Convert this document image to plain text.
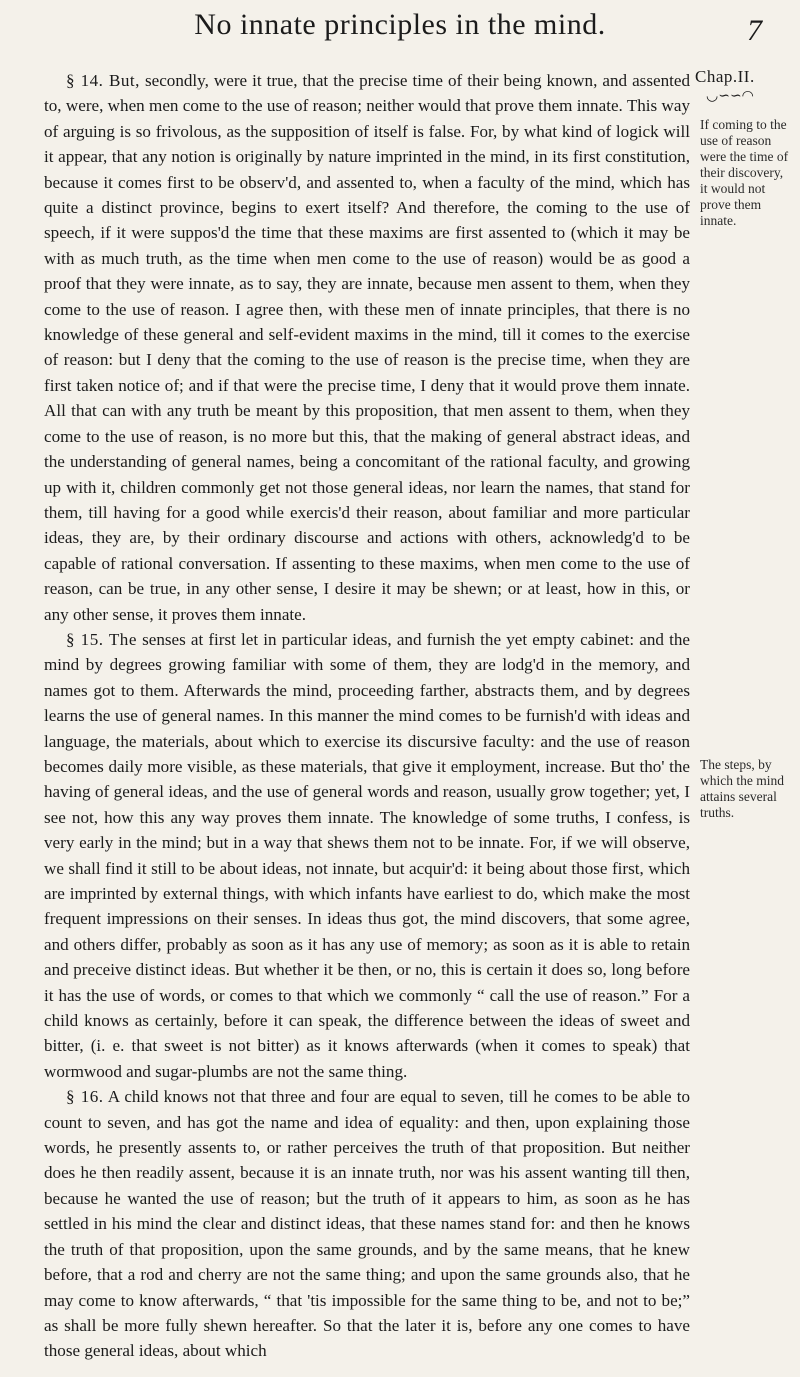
No innate principles in the mind.	7
Chap.II.
◡∽∽◠

§ 14. But, secondly, were it true, that the precise time of their being known, and assented to, were, when men come to the use of reason; neither would that prove them innate. This way of arguing is so frivolous, as the supposition of itself is false. For, by what kind of logick will it appear, that any notion is originally by nature imprinted in the mind, in its first constitution, because it comes first to be observ'd, and assented to, when a faculty of the mind, which has quite a distinct province, begins to exert itself? And therefore, the coming to the use of speech, if it were suppos'd the time that these maxims are first assented to (which it may be with as much truth, as the time when men come to the use of reason) would be as good a proof that they were innate, as to say, they are innate, because men assent to them, when they come to the use of reason. I agree then, with these men of innate principles, that there is no knowledge of these general and self-evident maxims in the mind, till it comes to the exercise of reason: but I deny that the coming to the use of reason is the precise time, when they are first taken notice of; and if that were the precise time, I deny that it would prove them innate. All that can with any truth be meant by this proposition, that men assent to them, when they come to the use of reason, is no more but this, that the making of general abstract ideas, and the understanding of general names, being a concomitant of the rational faculty, and growing up with it, children commonly get not those general ideas, nor learn the names, that stand for them, till having for a good while exercis'd their reason, about familiar and more particular ideas, they are, by their ordinary discourse and actions with others, acknowledg'd to be capable of rational conversation. If assenting to these maxims, when men come to the use of reason, can be true, in any other sense, I desire it may be shewn; or at least, how in this, or any other sense, it proves them innate.

§ 15. The senses at first let in particular ideas, and furnish the yet empty cabinet: and the mind by degrees growing familiar with some of them, they are lodg'd in the memory, and names got to them. Afterwards the mind, proceeding farther, abstracts them, and by degrees learns the use of general names. In this manner the mind comes to be furnish'd with ideas and language, the materials, about which to exercise its discursive faculty: and the use of reason becomes daily more visible, as these materials, that give it employment, increase. But tho' the having of general ideas, and the use of general words and reason, usually grow together; yet, I see not, how this any way proves them innate. The knowledge of some truths, I confess, is very early in the mind; but in a way that shews them not to be innate. For, if we will observe, we shall find it still to be about ideas, not innate, but acquir'd: it being about those first, which are imprinted by external things, with which infants have earliest to do, which make the most frequent impressions on their senses. In ideas thus got, the mind discovers, that some agree, and others differ, probably as soon as it has any use of memory; as soon as it is able to retain and preceive distinct ideas. But whether it be then, or no, this is certain it does so, long before it has the use of words, or comes to that which we commonly “ call the use of reason.” For a child knows as certainly, before it can speak, the difference between the ideas of sweet and bitter, (i. e. that sweet is not bitter) as it knows afterwards (when it comes to speak) that wormwood and sugar-plumbs are not the same thing.

§ 16. A child knows not that three and four are equal to seven, till he comes to be able to count to seven, and has got the name and idea of equality: and then, upon explaining those words, he presently assents to, or rather perceives the truth of that proposition. But neither does he then readily assent, because it is an innate truth, nor was his assent wanting till then, because he wanted the use of reason; but the truth of it appears to him, as soon as he has settled in his mind the clear and distinct ideas, that these names stand for: and then he knows the truth of that proposition, upon the same grounds, and by the same means, that he knew before, that a rod and cherry are not the same thing; and upon the same grounds also, that he may come to know afterwards, “ that 'tis impossible for the same thing to be, and not to be;” as shall be more fully shewn hereafter. So that the later it is, before any one comes to have those general ideas, about which

If coming to the use of reason were the time of their discovery, it would not prove them innate.
The steps, by which the mind attains several truths.
